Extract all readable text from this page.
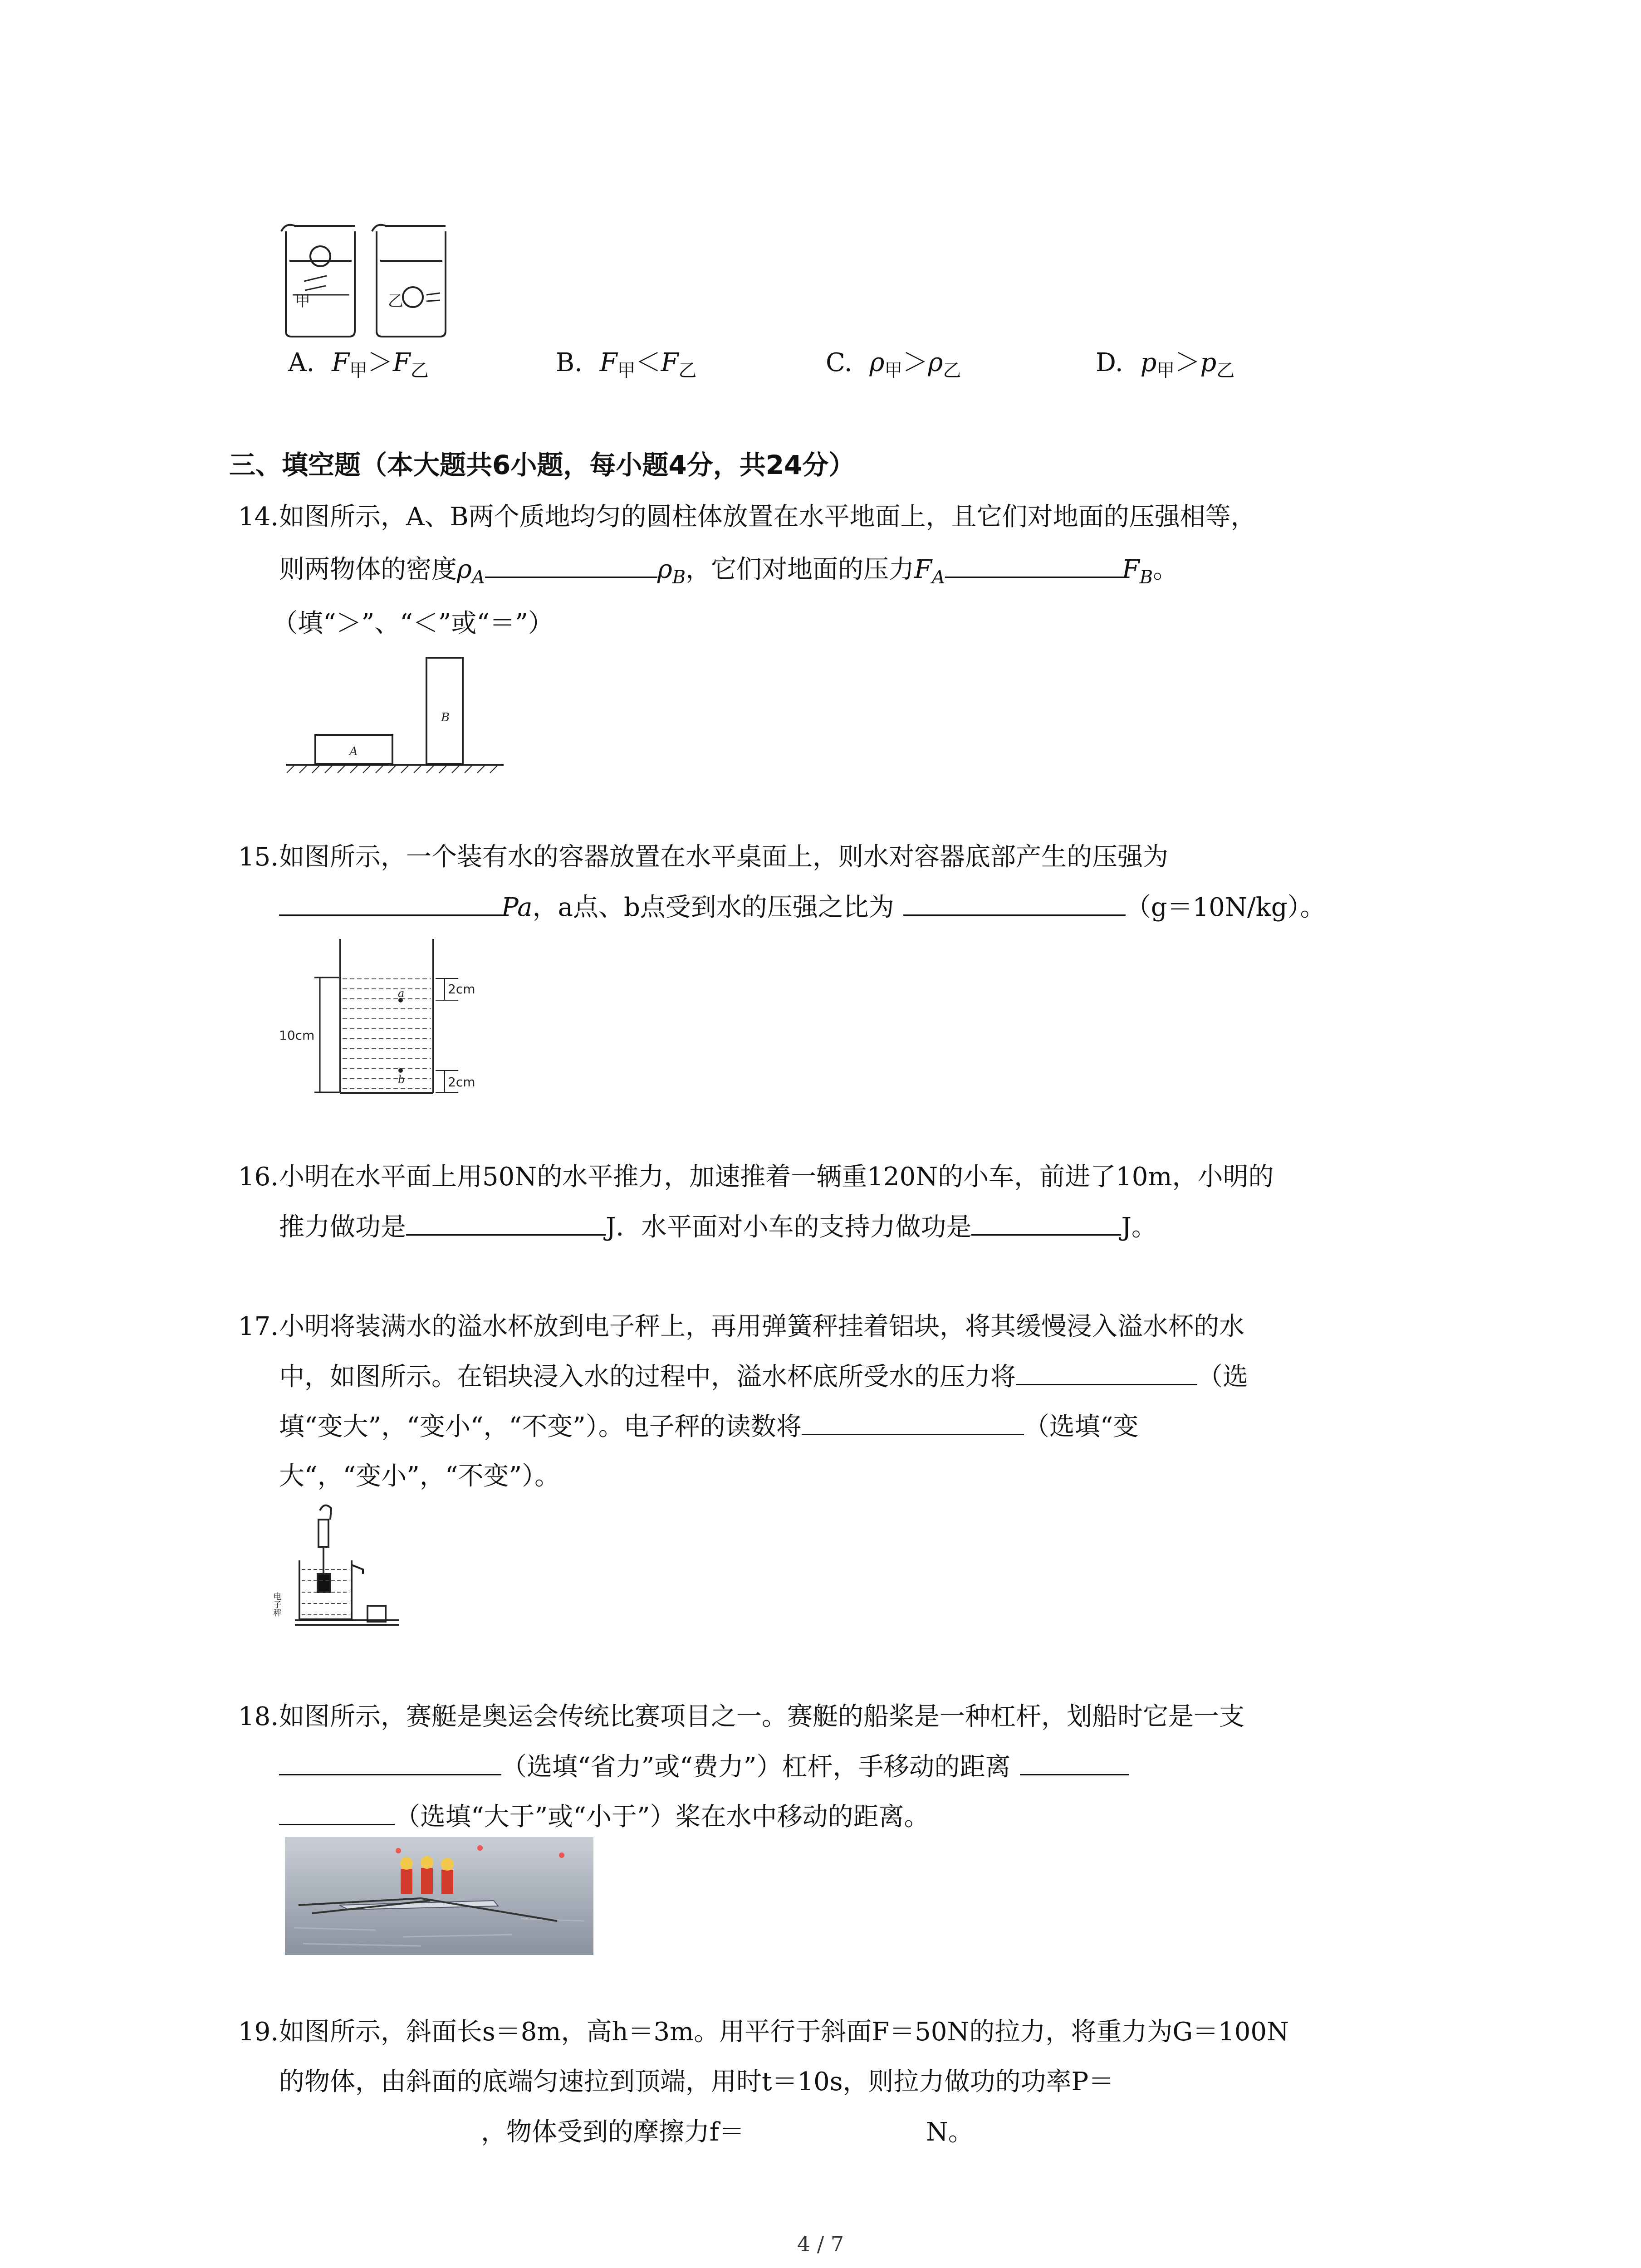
甲	乙
A. $F_甲>F_乙$	B. $F_甲<F_乙$	C. $\rho_甲>\rho_乙$	D. $p_甲>p_乙$
三、填空题（本大题共6小题，每小题4分，共24分）
14.如图所示，A、B两个质地均匀的圆柱体放置在水平地面上，且它们对地面的压强相等，
则两物体的密度$\rho_A$	$\rho_B$，它们对地面的压力$F_A$	$F_B$。
（填“＞”、“＜”或“＝”）
A
B
15.如图所示，一个装有水的容器放置在水平桌面上，则水对容器底部产生的压强为
Pa，a点、b点受到水的压强之比为	（g＝10N/kg）。
a
b
10cm
2cm
2cm
16.小明在水平面上用50N的水平推力，加速推着一辆重120N的小车，前进了10m，小明的
推力做功是	J．水平面对小车的支持力做功是	J。
17.小明将装满水的溢水杯放到电子秤上，再用弹簧秤挂着铝块，将其缓慢浸入溢水杯的水
中，如图所示。在铝块浸入水的过程中，溢水杯底所受水的压力将	（选
填“变大”，“变小“，“不变”）。电子秤的读数将	（选填“变
大“，“变小”，“不变”）。
电子秤
18.如图所示，赛艇是奥运会传统比赛项目之一。赛艇的船桨是一种杠杆，划船时它是一支
（选填“省力”或“费力”）杠杆，手移动的距离
（选填“大于”或“小于”）桨在水中移动的距离。
19.如图所示，斜面长s＝8m，高h＝3m。用平行于斜面F＝50N的拉力，将重力为G＝100N
的物体，由斜面的底端匀速拉到顶端，用时t＝10s，则拉力做功的功率P＝
，物体受到的摩擦力f＝	N。
4 / 7
